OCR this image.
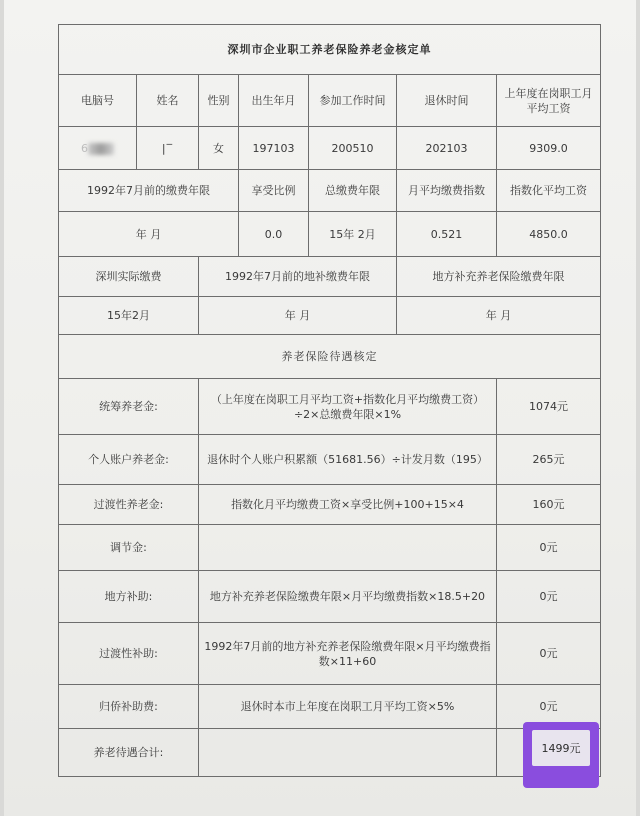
深圳市企业职工养老保险养老金核定单						
电脑号	姓名	性别	出生年月	参加工作时间	退休时间	上年度在岗职工月平均工资
6	|‾	女	197103	200510	202103	9309.0
1992年7月前的缴费年限			享受比例	总缴费年限	月平均缴费指数	指数化平均工资
年 月			0.0	15年 2月	0.521	4850.0
深圳实际缴费		1992年7月前的地补缴费年限			地方补充养老保险缴费年限	
15年2月		年 月			年 月	
养老保险待遇核定						
统筹养老金:		（上年度在岗职工月平均工资+指数化月平均缴费工资）÷2×总缴费年限×1%				1074元
个人账户养老金:		退休时个人账户积累额（51681.56）÷计发月数（195）				265元
过渡性养老金:		指数化月平均缴费工资×享受比例+100+15×4				160元
调节金:						0元
地方补助:		地方补充养老保险缴费年限×月平均缴费指数×18.5+20				0元
过渡性补助:		1992年7月前的地方补充养老保险缴费年限×月平均缴费指数×11+60				0元
归侨补助费:		退休时本市上年度在岗职工月平均工资×5%				0元
养老待遇合计:							1499元
